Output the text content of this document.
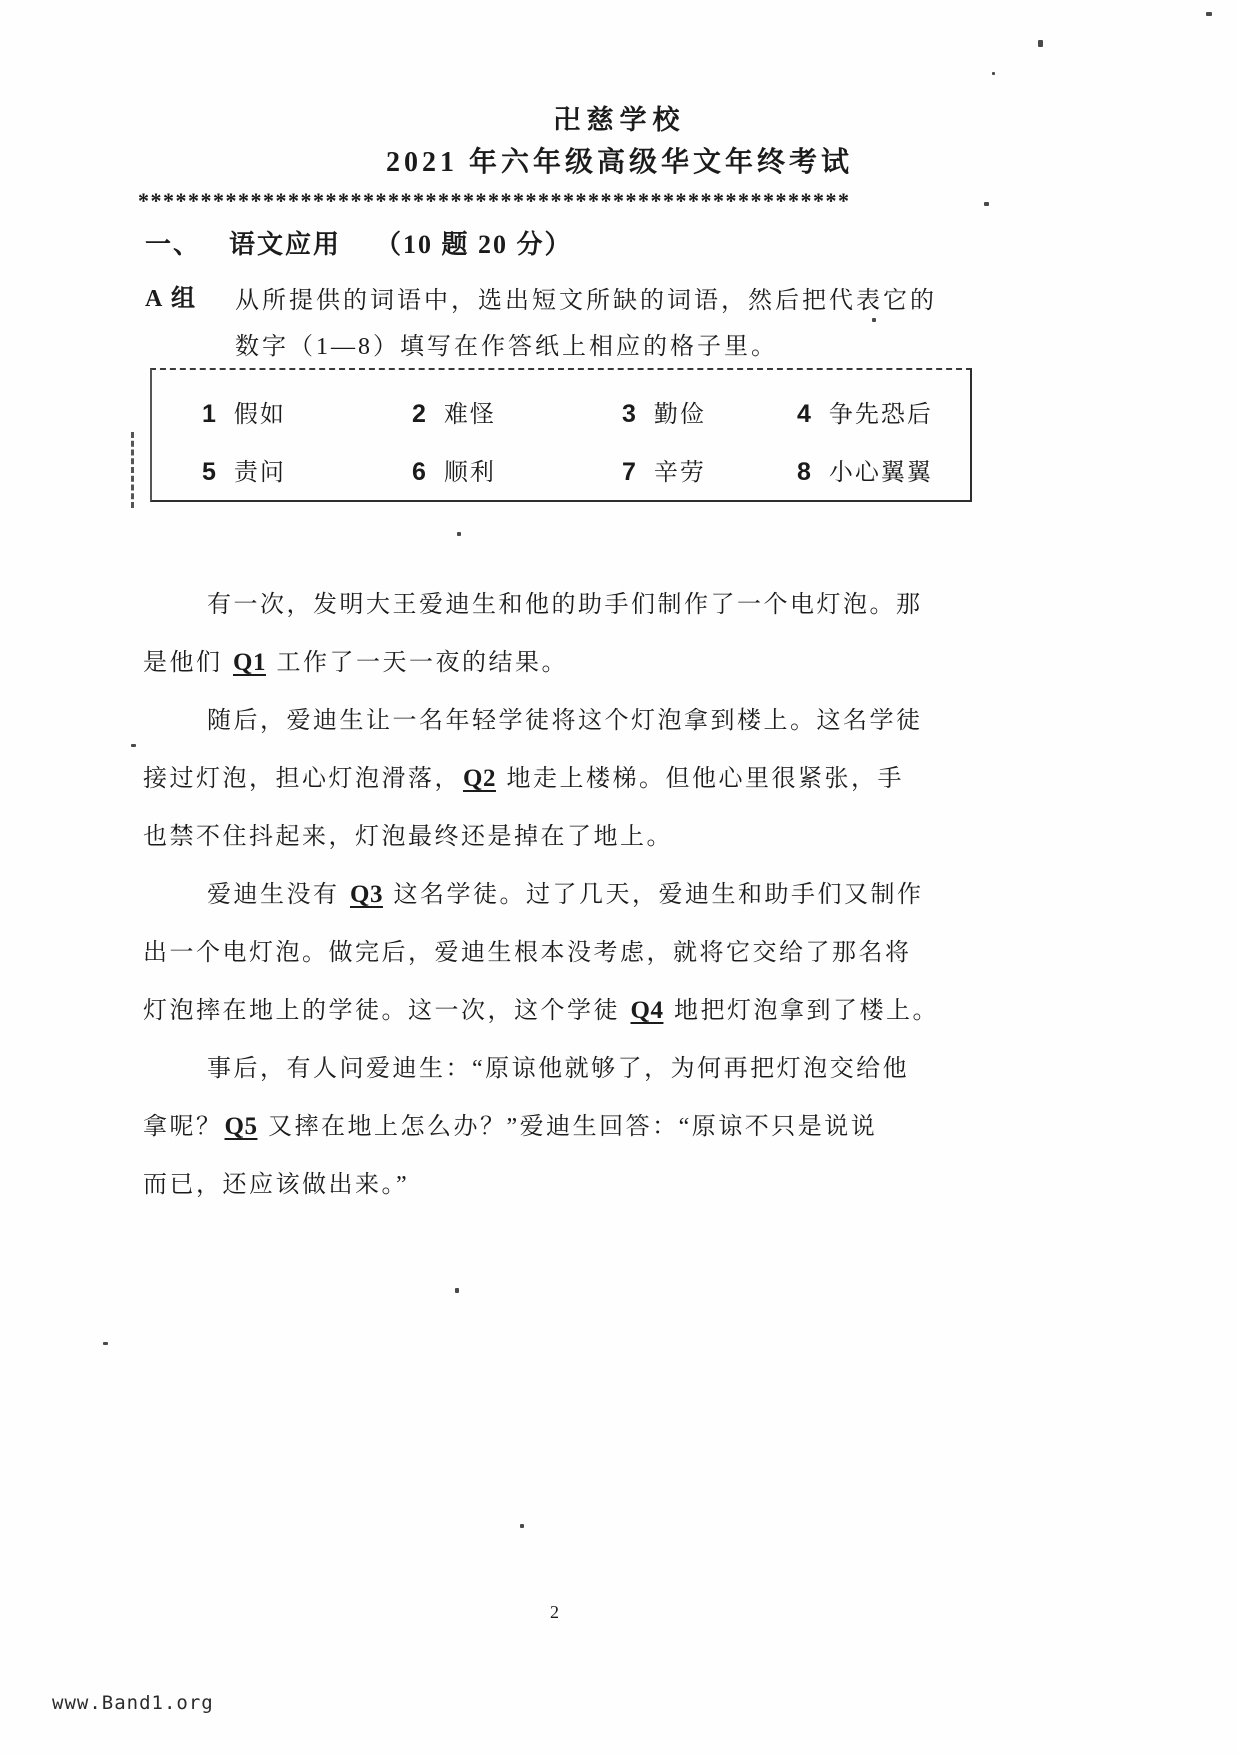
卍慈学校
2021 年六年级高级华文年终考试
*********************************************************
一、 语文应用 （10 题 20 分）
A 组	从所提供的词语中，选出短文所缺的词语，然后把代表它的
数字（1—8）填写在作答纸上相应的格子里。
1 假如	2 难怪	3 勤俭	4 争先恐后
5 责问	6 顺利	7 辛劳	8 小心翼翼
有一次，发明大王爱迪生和他的助手们制作了一个电灯泡。那
是他们 Q1 工作了一天一夜的结果。
随后，爱迪生让一名年轻学徒将这个灯泡拿到楼上。这名学徒
接过灯泡，担心灯泡滑落，Q2 地走上楼梯。但他心里很紧张，手
也禁不住抖起来，灯泡最终还是掉在了地上。
爱迪生没有 Q3 这名学徒。过了几天，爱迪生和助手们又制作
出一个电灯泡。做完后，爱迪生根本没考虑，就将它交给了那名将
灯泡摔在地上的学徒。这一次，这个学徒 Q4 地把灯泡拿到了楼上。
事后，有人问爱迪生：“原谅他就够了，为何再把灯泡交给他
拿呢？Q5 又摔在地上怎么办？”爱迪生回答：“原谅不只是说说
而已，还应该做出来。”
2
www.Band1.org
